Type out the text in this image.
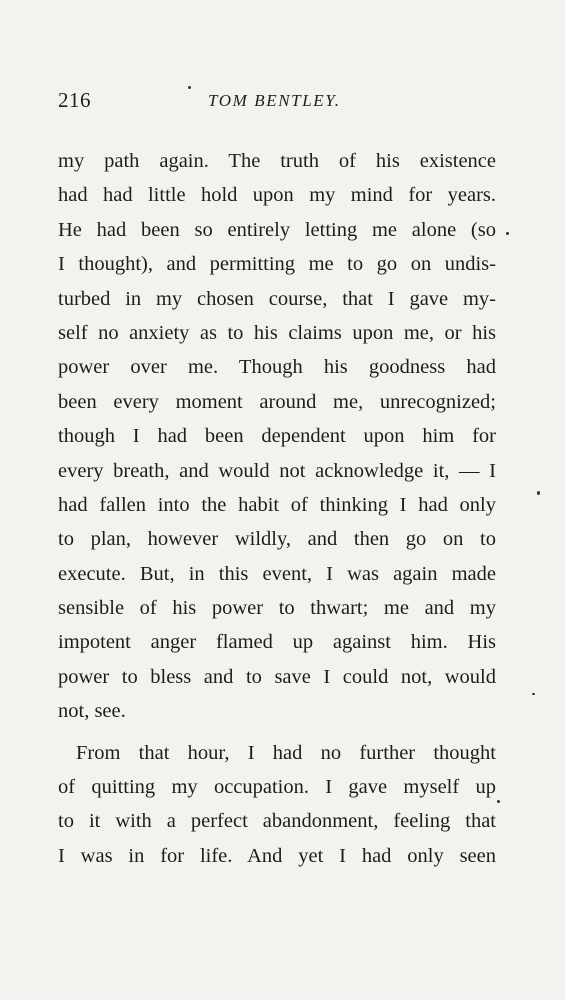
216	TOM BENTLEY.
my path again. The truth of his existence
had had little hold upon my mind for years.
He had been so entirely letting me alone (so
I thought), and permitting me to go on undis-
turbed in my chosen course, that I gave my-
self no anxiety as to his claims upon me, or his
power over me. Though his goodness had
been every moment around me, unrecognized;
though I had been dependent upon him for
every breath, and would not acknowledge it, — I
had fallen into the habit of thinking I had only
to plan, however wildly, and then go on to
execute. But, in this event, I was again made
sensible of his power to thwart; me and my
impotent anger flamed up against him. His
power to bless and to save I could not, would
not, see.
From that hour, I had no further thought
of quitting my occupation. I gave myself up
to it with a perfect abandonment, feeling that
I was in for life. And yet I had only seen
